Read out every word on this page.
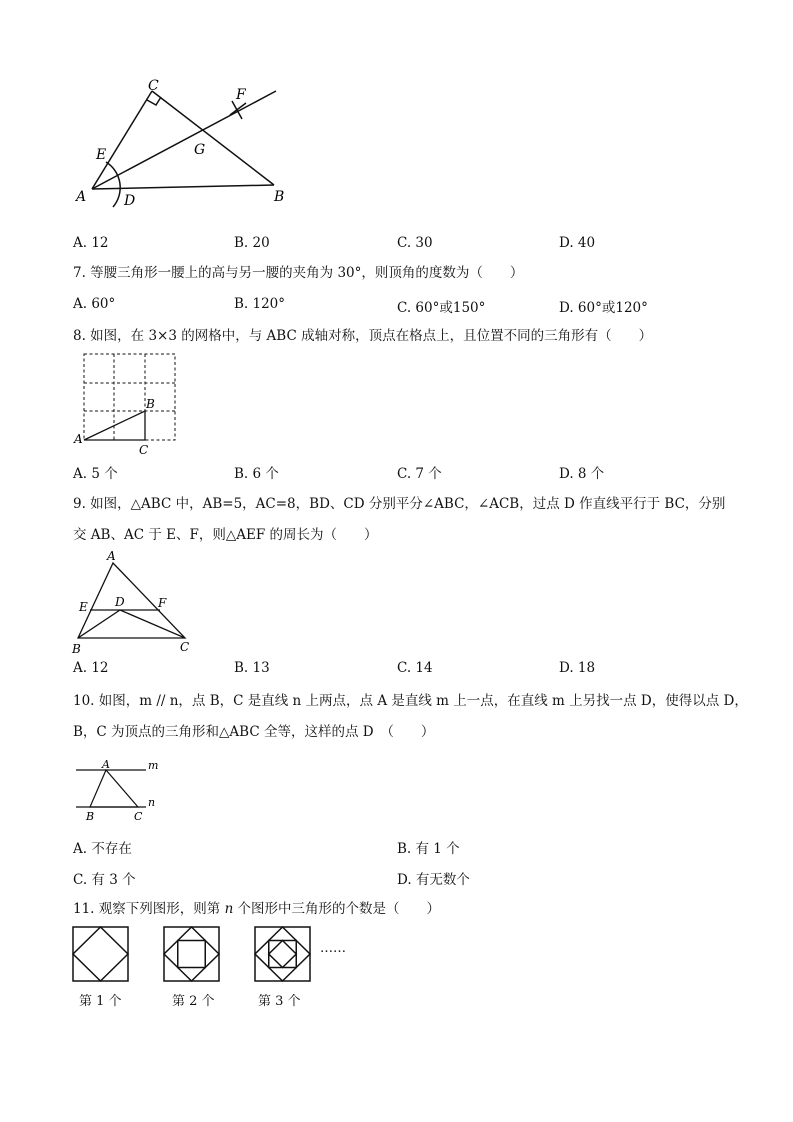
A	B
C
D
E
F
G
A. 12	B. 20	C. 30	D. 40
7. 等腰三角形一腰上的高与另一腰的夹角为 30°，则顶角的度数为（　　）
A. 60°	B. 120°	C. 60°或150°	D. 60°或120°
8. 如图，在 3×3 的网格中，与 ABC 成轴对称，顶点在格点上，且位置不同的三角形有（　　）
A
B
C
A. 5 个	B. 6 个	C. 7 个	D. 8 个
9. 如图，△ABC 中，AB=5，AC=8，BD、CD 分别平分∠ABC，∠ACB，过点 D 作直线平行于 BC，分别
交 AB、AC 于 E、F，则△AEF 的周长为（　　）
A
B	C
D
E	F
A. 12	B. 13	C. 14	D. 18
10. 如图，m // n，点 B，C 是直线 n 上两点，点 A 是直线 m 上一点，在直线 m 上另找一点 D，使得以点 D，
B，C 为顶点的三角形和△ABC 全等，这样的点 D　（　　）
A
B	C
m
n
A. 不存在	B. 有 1 个
C. 有 3 个	D. 有无数个
11. 观察下列图形，则第 n 个图形中三角形的个数是（　　）
……
第 1 个	第 2 个	第 3 个
